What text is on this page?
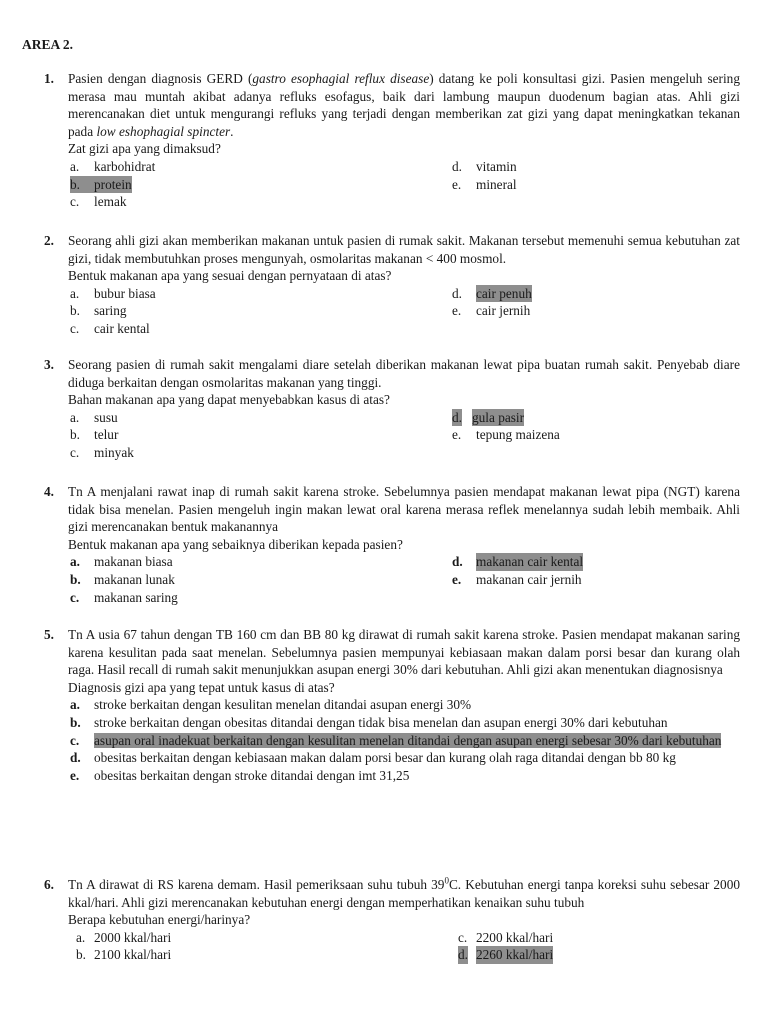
AREA 2.
1. Pasien dengan diagnosis GERD (gastro esophagial reflux disease) datang ke poli konsultasi gizi. Pasien mengeluh sering merasa mau muntah akibat adanya refluks esofagus, baik dari lambung maupun duodenum bagian atas. Ahli gizi merencanakan diet untuk mengurangi refluks yang terjadi dengan memberikan zat gizi yang dapat meningkatkan tekanan pada low eshophagial spincter.

Zat gizi apa yang dimaksud?

a.	karbohidrat	d.	vitamin
b.	protein	e.	mineral
c.	lemak
2. Seorang ahli gizi akan memberikan makanan untuk pasien di rumak sakit. Makanan tersebut memenuhi semua kebutuhan zat gizi, tidak membutuhkan proses mengunyah, osmolaritas makanan < 400 mosmol.

Bentuk makanan apa yang sesuai dengan pernyataan di atas?

a.	bubur biasa	d.	cair penuh
b.	saring	e.	cair jernih
c.	cair kental
3. Seorang pasien di rumah sakit mengalami diare setelah diberikan makanan lewat pipa buatan rumah sakit. Penyebab diare diduga berkaitan dengan osmolaritas makanan yang tinggi.

Bahan makanan apa yang dapat menyebabkan kasus di atas?

a.	susu	d. gula pasir
b.	telur	e.	tepung maizena
c.	minyak
4. Tn A menjalani rawat inap di rumah sakit karena stroke. Sebelumnya pasien mendapat makanan lewat pipa (NGT) karena tidak bisa menelan. Pasien mengeluh ingin makan lewat oral karena merasa reflek menelannya sudah lebih membaik. Ahli gizi merencanakan bentuk makanannya

Bentuk makanan apa yang sebaiknya diberikan kepada pasien?

a.	makanan biasa	d. makanan cair kental
b. makanan lunak	e.	makanan cair jernih
c.	makanan saring
5. Tn A usia 67 tahun dengan TB 160 cm dan BB 80 kg dirawat di rumah sakit karena stroke. Pasien mendapat makanan saring karena kesulitan pada saat menelan. Sebelumnya pasien mempunyai kebiasaan makan dalam porsi besar dan kurang olah raga. Hasil recall di rumah sakit menunjukkan asupan energi 30% dari kebutuhan. Ahli gizi akan menentukan diagnosisnya

Diagnosis gizi apa yang tepat untuk kasus di atas?

a.	stroke berkaitan dengan kesulitan menelan ditandai asupan energi 30%
b. stroke berkaitan dengan obesitas ditandai dengan tidak bisa menelan dan asupan energi 30% dari kebutuhan
c.	asupan oral inadekuat berkaitan dengan kesulitan menelan ditandai dengan asupan energi sebesar 30% dari kebutuhan
d. obesitas berkaitan dengan kebiasaan makan dalam porsi besar dan kurang olah raga ditandai dengan bb 80 kg
e.	obesitas berkaitan dengan stroke ditandai dengan imt 31,25
6. Tn A dirawat di RS karena demam. Hasil pemeriksaan suhu tubuh $39^0C$. Kebutuhan energi tanpa koreksi suhu sebesar 2000 kkal/hari. Ahli gizi merencanakan kebutuhan energi dengan memperhatikan kenaikan suhu tubuh

Berapa kebutuhan energi/harinya?

a. 2000 kkal/hari	c. 2200 kkal/hari
b. 2100 kkal/hari	d. 2260 kkal/hari
